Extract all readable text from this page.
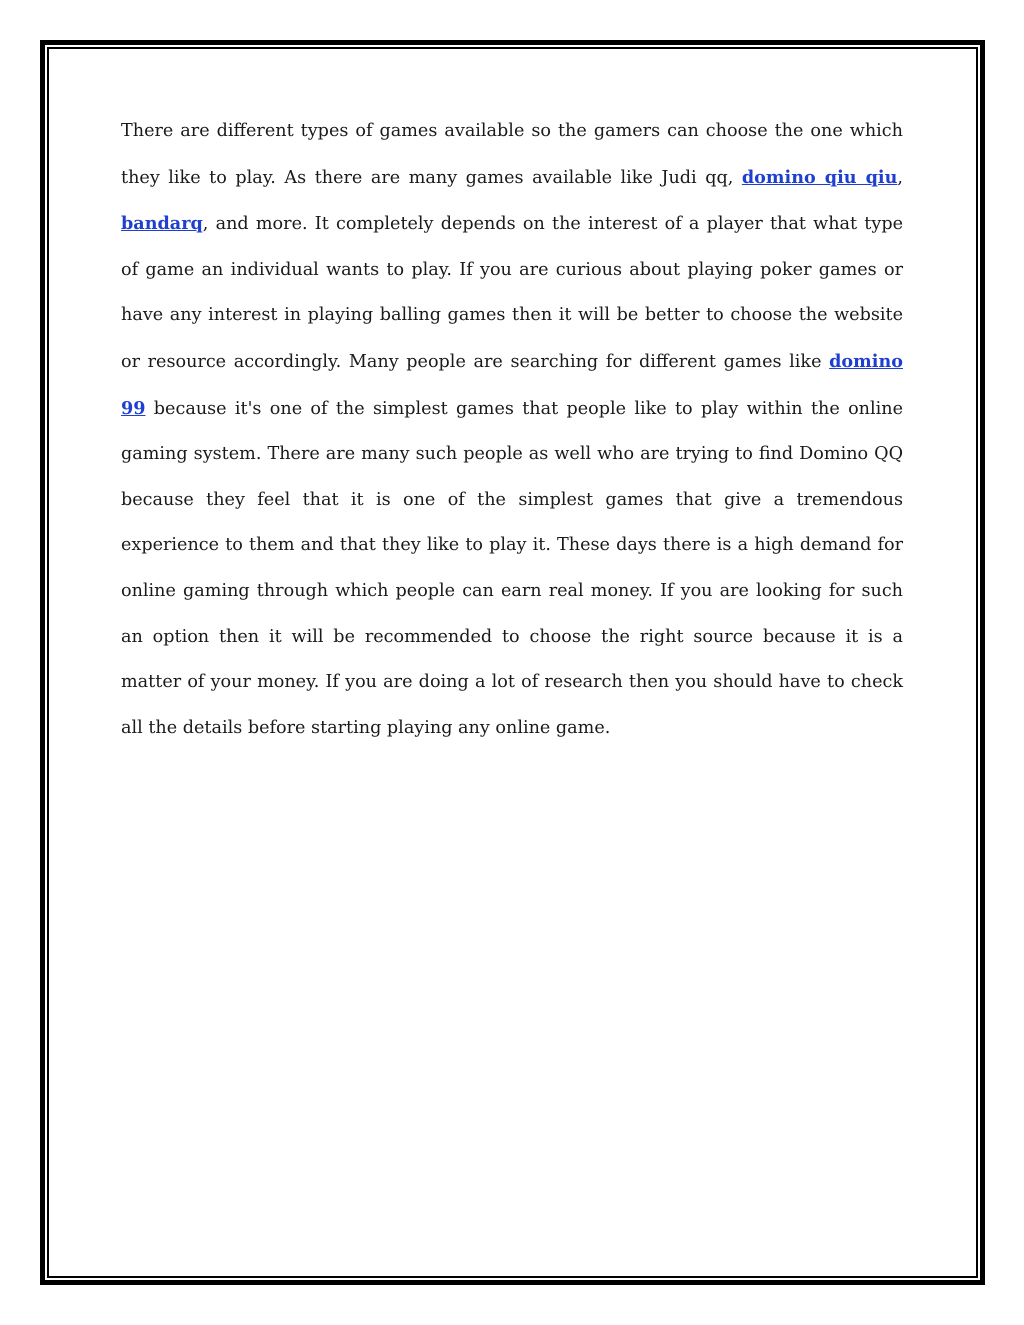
There are different types of games available so the gamers can choose the one which they like to play. As there are many games available like Judi qq, domino qiu qiu, bandarq, and more. It completely depends on the interest of a player that what type of game an individual wants to play. If you are curious about playing poker games or have any interest in playing balling games then it will be better to choose the website or resource accordingly. Many people are searching for different games like domino 99 because it's one of the simplest games that people like to play within the online gaming system. There are many such people as well who are trying to find Domino QQ because they feel that it is one of the simplest games that give a tremendous experience to them and that they like to play it. These days there is a high demand for online gaming through which people can earn real money. If you are looking for such an option then it will be recommended to choose the right source because it is a matter of your money. If you are doing a lot of research then you should have to check all the details before starting playing any online game.
